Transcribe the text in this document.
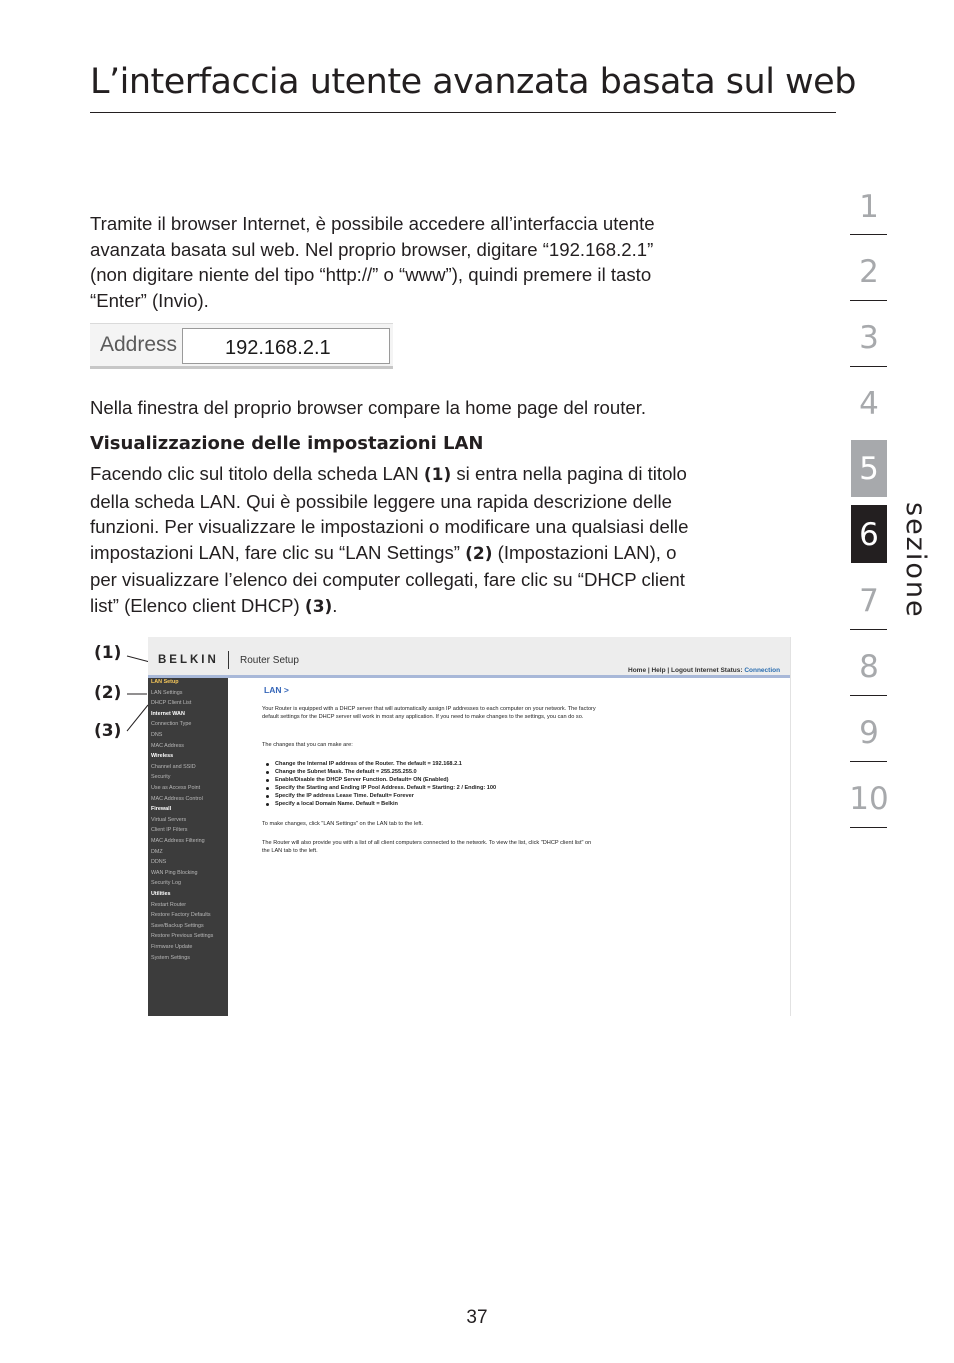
L’interfaccia utente avanzata basata sul web

Tramite il browser Internet, è possibile accedere all’interfaccia utente
avanzata basata sul web. Nel proprio browser, digitare “192.168.2.1”
(non digitare niente del tipo “http://” o “www”), quindi premere il tasto
“Enter” (Invio).

Address 192.168.2.1

Nella finestra del proprio browser compare la home page del router.

Visualizzazione delle impostazioni LAN

Facendo clic sul titolo della scheda LAN (1) si entra nella pagina di titolo
della scheda LAN. Qui è possibile leggere una rapida descrizione delle
funzioni. Per visualizzare le impostazioni o modificare una qualsiasi delle
impostazioni LAN, fare clic su “LAN Settings” (2) (Impostazioni LAN), o
per visualizzare l’elenco dei computer collegati, fare clic su “DHCP client
list” (Elenco client DHCP) (3).

1
2
3
4
5
6
7
8
9
10
sezione
(1)
(2)
(3)
BELKIN Router Setup
Home | Help | Logout Internet Status: Connection
LAN >
Your Router is equipped with a DHCP server that will automatically assign IP addresses to each computer on your network. The factory default settings for the DHCP server will work in most any application. If you need to make changes to the settings, you can do so.
The changes that you can make are:
Change the Internal IP address of the Router. The default = 192.168.2.1
Change the Subnet Mask. The default = 255.255.255.0
Enable/Disable the DHCP Server Function. Default= ON (Enabled)
Specify the Starting and Ending IP Pool Address. Default = Starting: 2 / Ending: 100
Specify the IP address Lease Time. Default= Forever
Specify a local Domain Name. Default = Belkin
To make changes, click "LAN Settings" on the LAN tab to the left.
The Router will also provide you with a list of all client computers connected to the network. To view the list, click "DHCP client list" on the LAN tab to the left.
LAN Setup
LAN Settings
DHCP Client List
Internet WAN
Connection Type
DNS
MAC Address
Wireless
Channel and SSID
Security
Use as Access Point
MAC Address Control
Firewall
Virtual Servers
Client IP Filters
MAC Address Filtering
DMZ
DDNS
WAN Ping Blocking
Security Log
Utilities
Restart Router
Restore Factory Defaults
Save/Backup Settings
Restore Previous Settings
Firmware Update
System Settings
37
